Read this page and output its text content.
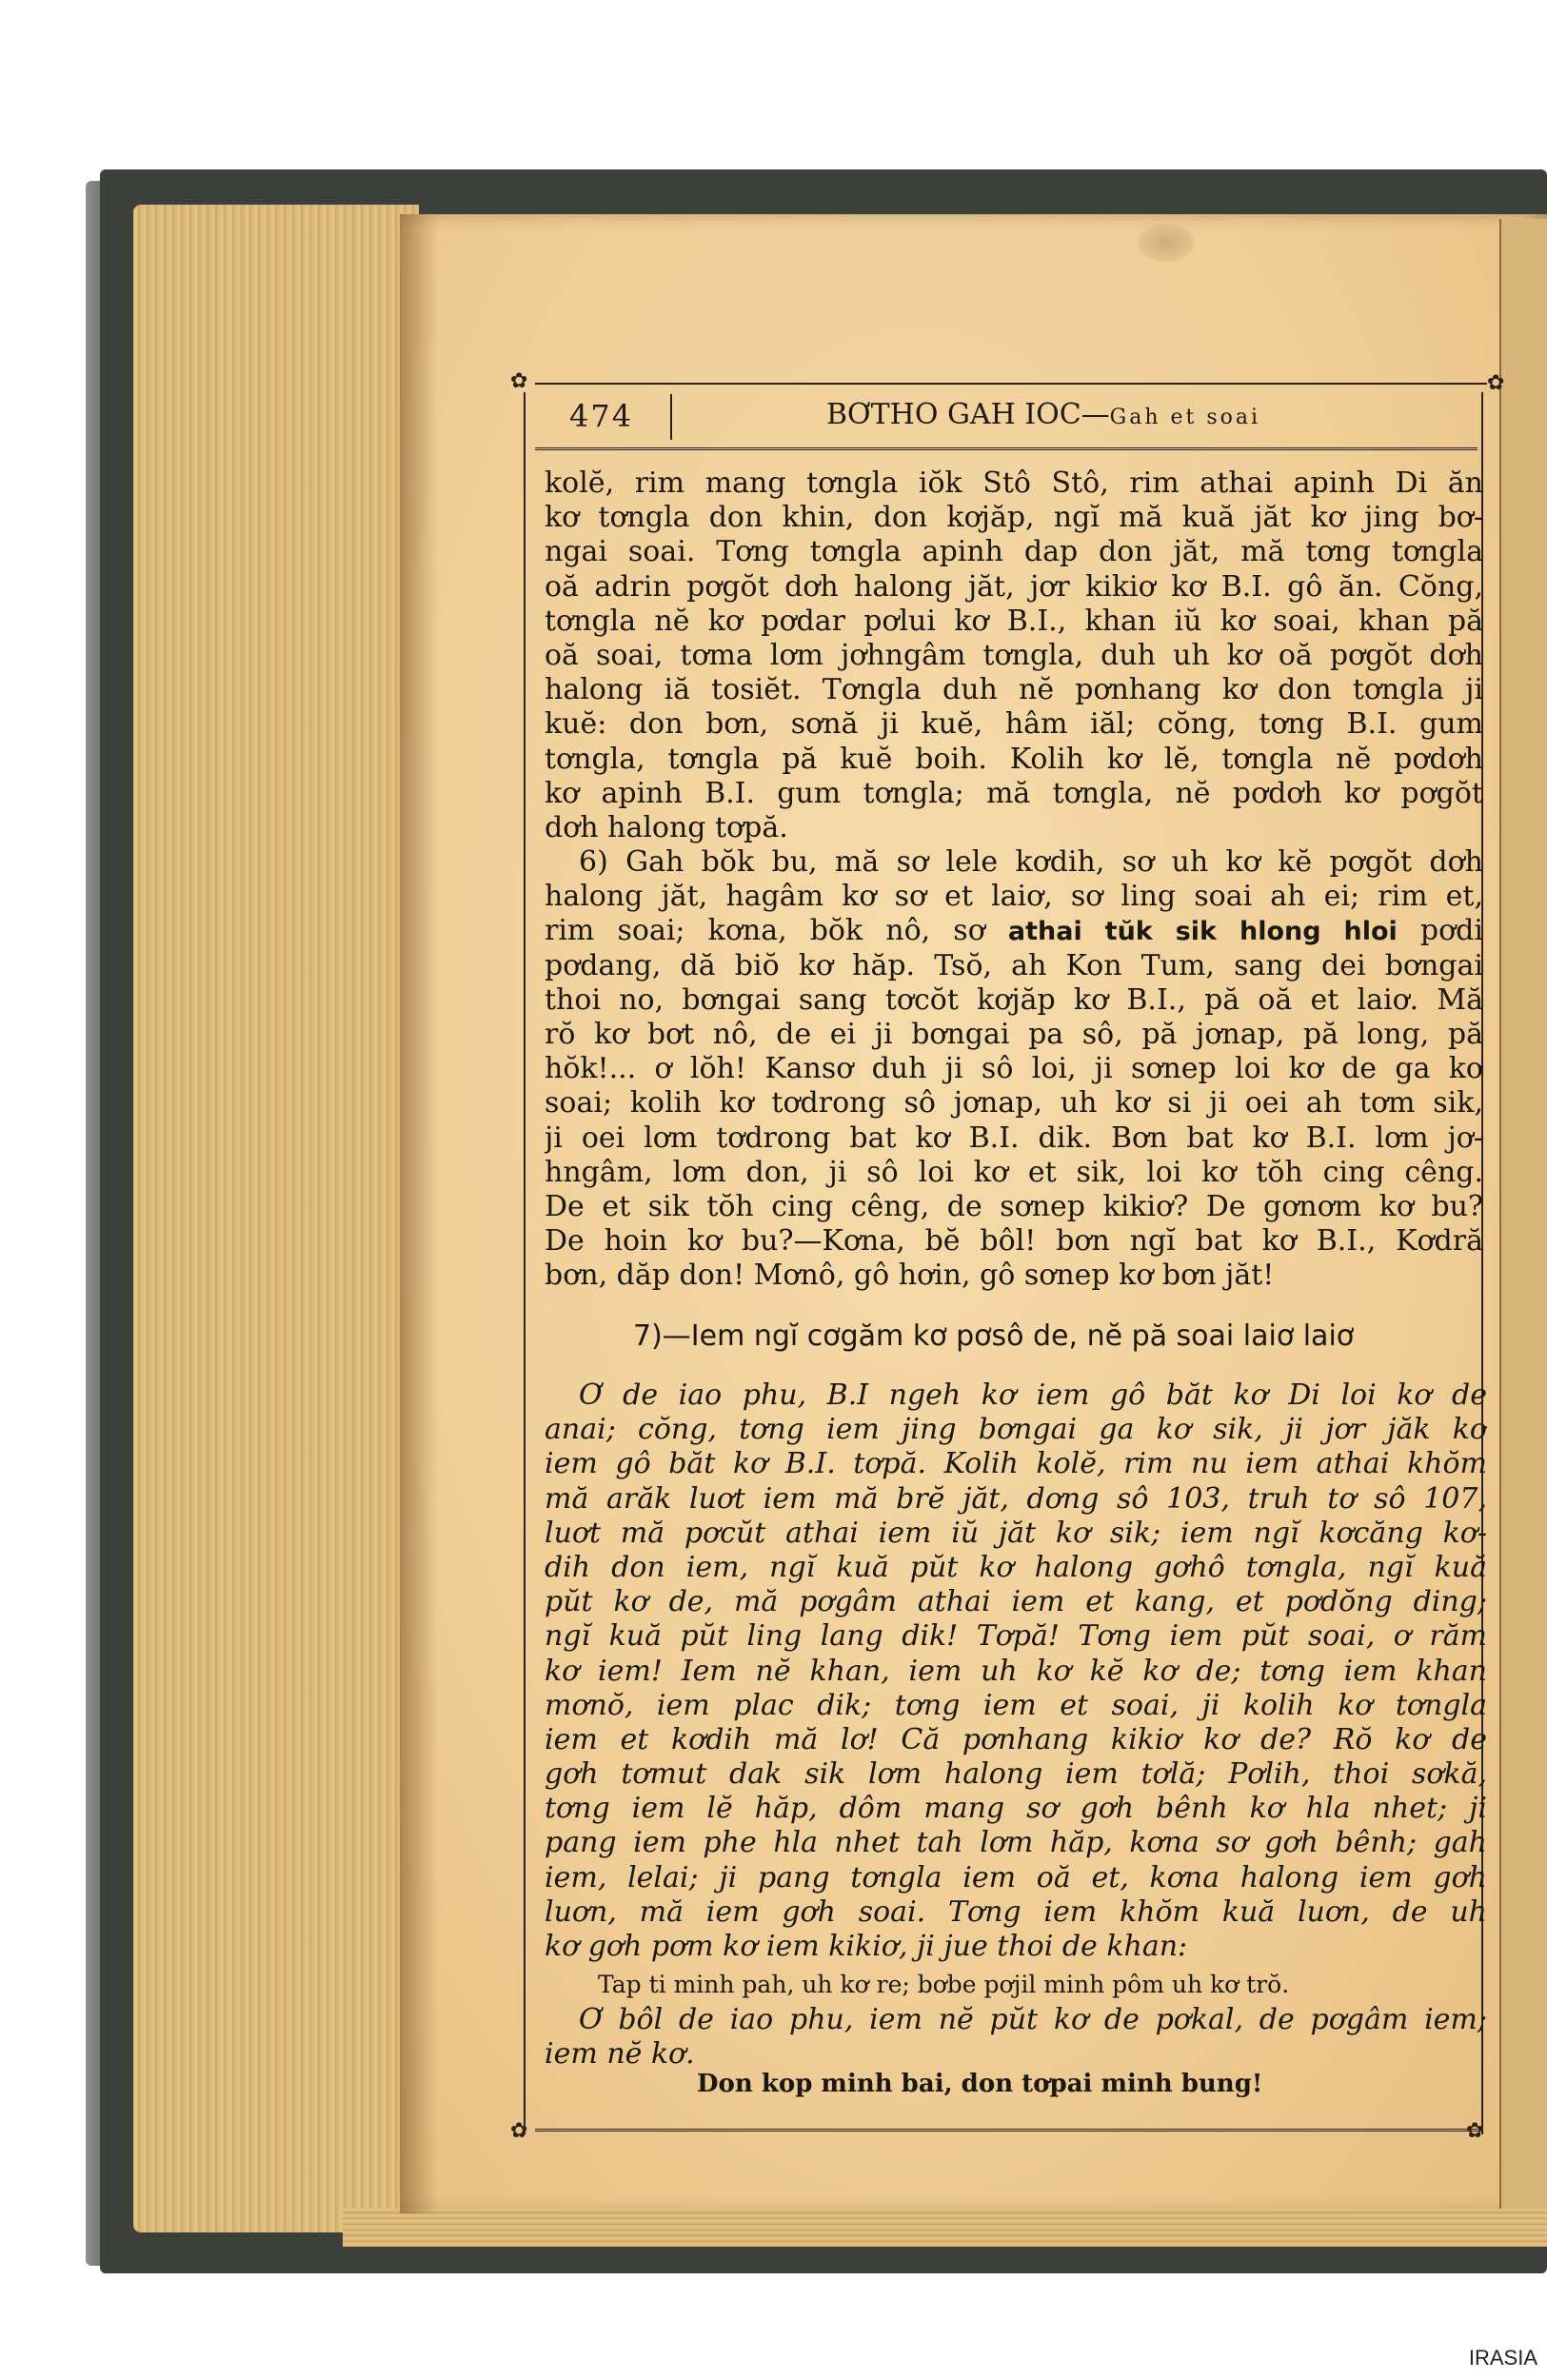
✿	✿
474	BƠTHO GAH IOC—Gah et soai
kolĕ, rim mang tơngla iŏk Stô Stô, rim athai apinh Di ăn
kơ tơngla don khin, don kơjăp, ngĭ mă kuă jăt kơ jing bơ-
ngai soai. Tơng tơngla apinh dap don jăt, mă tơng tơngla
oă adrin pơgŏt dơh halong jăt, jơr kikiơ kơ B.I. gô ăn. Cŏng,
tơngla nĕ kơ pơdar pơlui kơ B.I., khan iŭ kơ soai, khan pă
oă soai, tơma lơm jơhngâm tơngla, duh uh kơ oă pơgŏt dơh
halong iă tosiĕt. Tơngla duh nĕ pơnhang kơ don tơngla ji
kuĕ: don bơn, sơnă ji kuĕ, hâm iăl; cŏng, tơng B.I. gum
tơngla, tơngla pă kuĕ boih. Kolih kơ lĕ, tơngla nĕ pơdơh
kơ apinh B.I. gum tơngla; mă tơngla, nĕ pơdơh kơ pơgŏt
dơh halong tơpă.
6) Gah bŏk bu, mă sơ lele kơdih, sơ uh kơ kĕ pơgŏt dơh
halong jăt, hagâm kơ sơ et laiơ, sơ ling soai ah ei; rim et,
rim soai; kơna, bŏk nô, sơ athai tŭk sik hlong hloi pơdi
pơdang, dă biŏ kơ hăp. Tsŏ, ah Kon Tum, sang dei bơngai
thoi no, bơngai sang tơcŏt kơjăp kơ B.I., pă oă et laiơ. Mă
rŏ kơ bơt nô, de ei ji bơngai pa sô, pă jơnap, pă long, pă
hŏk!... ơ lŏh! Kansơ duh ji sô loi, ji sơnep loi kơ de ga kơ
soai; kolih kơ tơdrong sô jơnap, uh kơ si ji oei ah tơm sik,
ji oei lơm tơdrong bat kơ B.I. dik. Bơn bat kơ B.I. lơm jơ-
hngâm, lơm don, ji sô loi kơ et sik, loi kơ tŏh cing cêng.
De et sik tŏh cing cêng, de sơnep kikiơ? De gơnơm kơ bu?
De hoin kơ bu?—Kơna, bĕ bôl! bơn ngĭ bat kơ B.I., Kơdră
bơn, dăp don! Mơnô, gô hơin, gô sơnep kơ bơn jăt!
7)—Iem ngĭ cơgăm kơ pơsô de, nĕ pă soai laiơ laiơ
Ơ de iao phu, B.I ngeh kơ iem gô băt kơ Di loi kơ de
anai; cŏng, tơng iem jing bơngai ga kơ sik, ji jơr jăk kơ
iem gô băt kơ B.I. tơpă. Kolih kolĕ, rim nu iem athai khŏm
mă arăk luơt iem mă brĕ jăt, dơng sô 103, truh tơ sô 107,
luơt mă pơcŭt athai iem iŭ jăt kơ sik; iem ngĭ kơcăng kơ-
dih don iem, ngĭ kuă pŭt kơ halong gơhô tơngla, ngĭ kuă
pŭt kơ de, mă pơgâm athai iem et kang, et pơdŏng ding;
ngĭ kuă pŭt ling lang dik! Tơpă! Tơng iem pŭt soai, ơ răm
kơ iem! Iem nĕ khan, iem uh kơ kĕ kơ de; tơng iem khan
mơnŏ, iem plac dik; tơng iem et soai, ji kolih kơ tơngla
iem et kơdih mă lơ! Că pơnhang kikiơ kơ de? Rŏ kơ de
gơh tơmut dak sik lơm halong iem tơlă; Pơlih, thoi sơkă,
tơng iem lĕ hăp, dôm mang sơ gơh bênh kơ hla nhet; ji
pang iem phe hla nhet tah lơm hăp, kơna sơ gơh bênh; gah
iem, lelai; ji pang tơngla iem oă et, kơna halong iem gơh
luơn, mă iem gơh soai. Tơng iem khŏm kuă luơn, de uh
kơ gơh pơm kơ iem kikiơ, ji jue thoi de khan:
Tap ti minh pah, uh kơ re; bơbe pơjil minh pôm uh kơ trŏ.
Ơ bôl de iao phu, iem nĕ pŭt kơ de pơkal, de pơgâm iem;
iem nĕ kơ.
Don kop minh bai, don tơpai minh bung!
✿	✿
IRASIA
